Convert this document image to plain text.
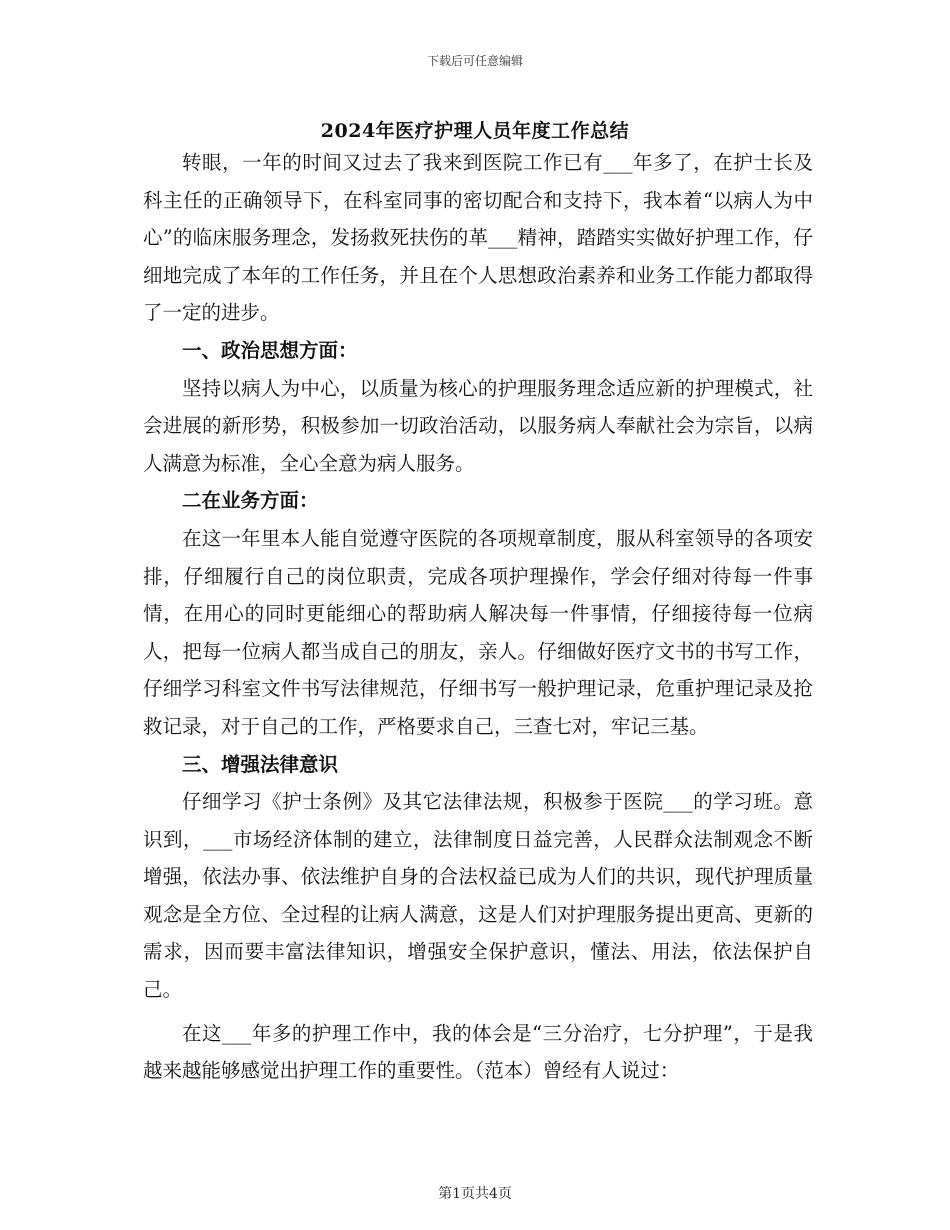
下载后可任意编辑
2024年医疗护理人员年度工作总结

转眼，一年的时间又过去了我来到医院工作已有___年多了，在护士长及科主任的正确领导下，在科室同事的密切配合和支持下，我本着“以病人为中心”的临床服务理念，发扬救死扶伤的革___精神，踏踏实实做好护理工作，仔细地完成了本年的工作任务，并且在个人思想政治素养和业务工作能力都取得了一定的进步。

一、政治思想方面：

坚持以病人为中心，以质量为核心的护理服务理念适应新的护理模式，社会进展的新形势，积极参加一切政治活动，以服务病人奉献社会为宗旨，以病人满意为标准，全心全意为病人服务。

二在业务方面：

在这一年里本人能自觉遵守医院的各项规章制度，服从科室领导的各项安排，仔细履行自己的岗位职责，完成各项护理操作，学会仔细对待每一件事情，在用心的同时更能细心的帮助病人解决每一件事情，仔细接待每一位病人，把每一位病人都当成自己的朋友，亲人。仔细做好医疗文书的书写工作，仔细学习科室文件书写法律规范，仔细书写一般护理记录，危重护理记录及抢救记录，对于自己的工作，严格要求自己，三查七对，牢记三基。

三、增强法律意识

仔细学习《护士条例》及其它法律法规，积极参于医院___的学习班。意识到，___市场经济体制的建立，法律制度日益完善，人民群众法制观念不断增强，依法办事、依法维护自身的合法权益已成为人们的共识，现代护理质量观念是全方位、全过程的让病人满意，这是人们对护理服务提出更高、更新的需求，因而要丰富法律知识，增强安全保护意识，懂法、用法，依法保护自己。

在这___年多的护理工作中，我的体会是“三分治疗，七分护理”，于是我越来越能够感觉出护理工作的重要性。（范本）曾经有人说过：

第1页共4页
